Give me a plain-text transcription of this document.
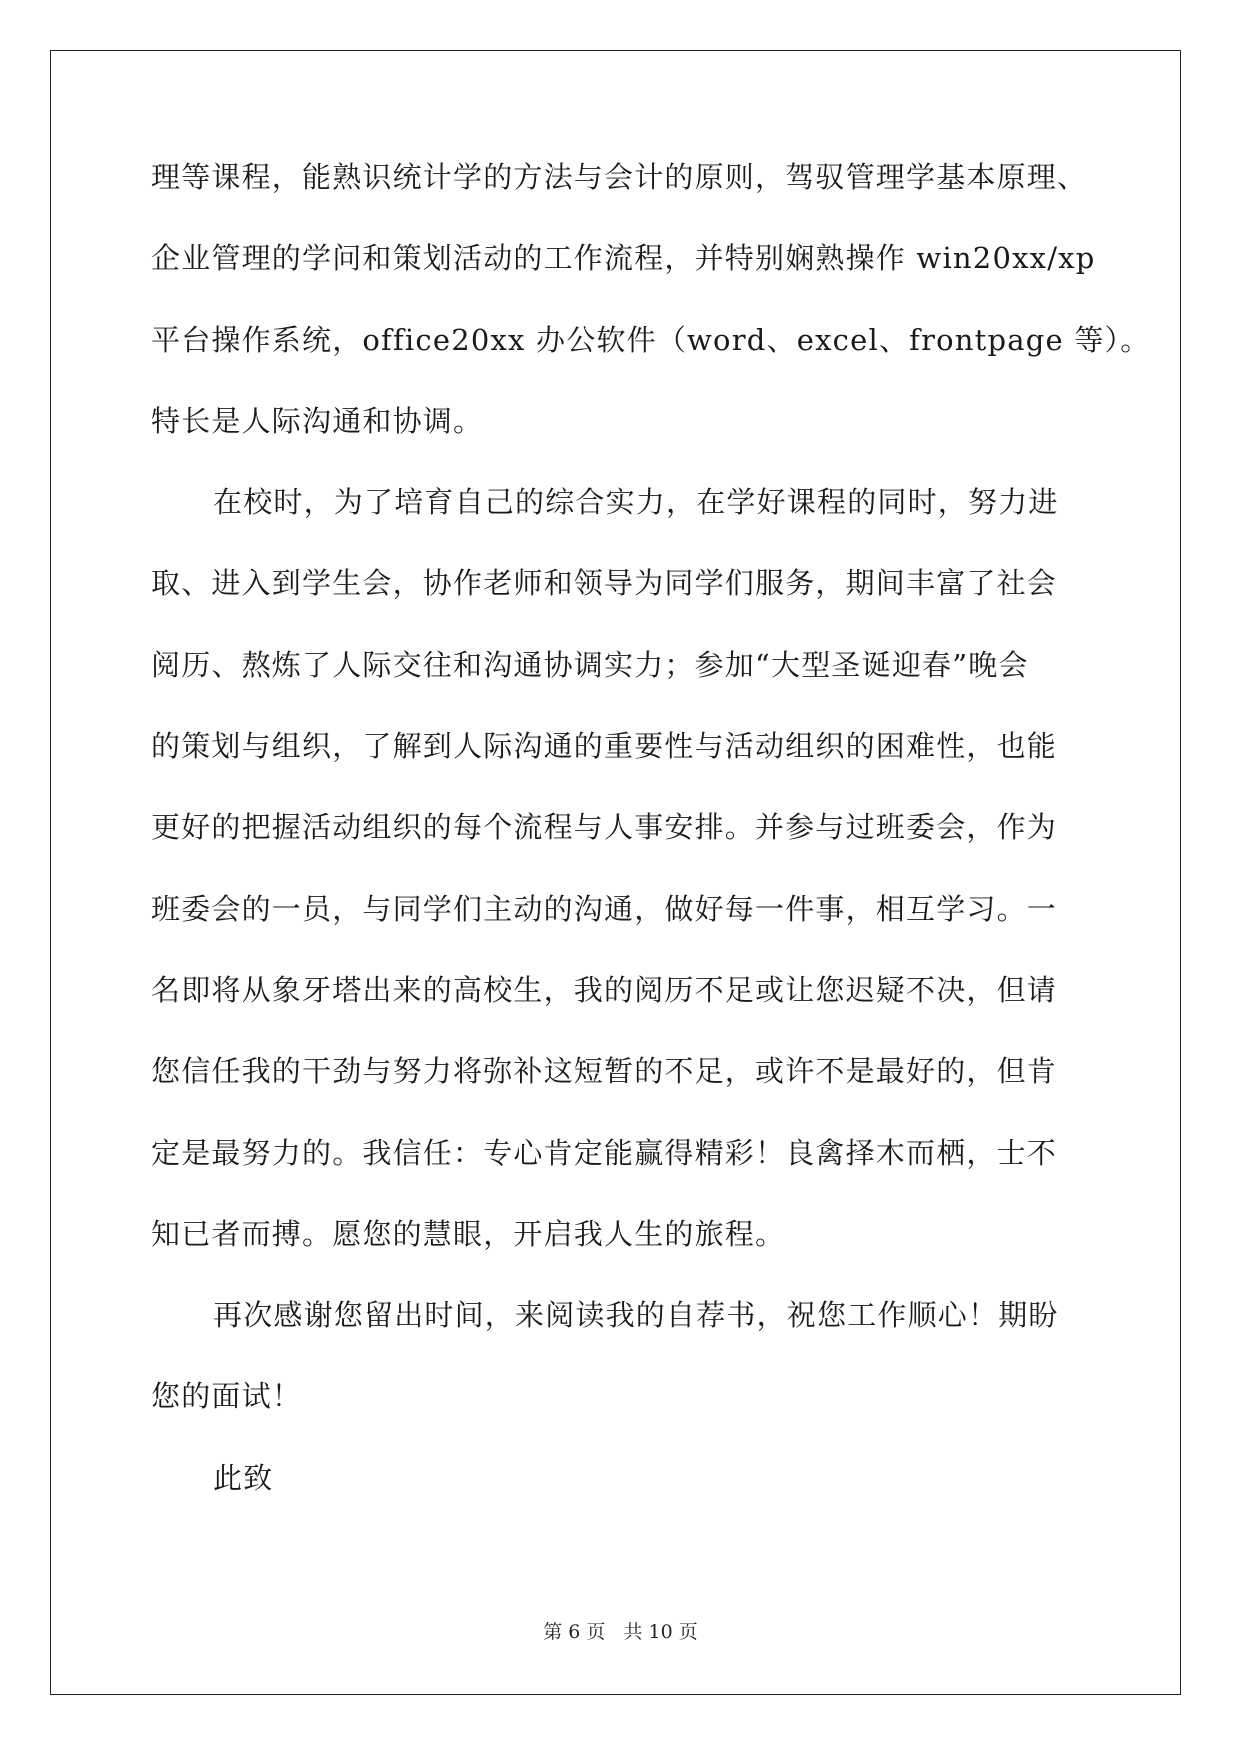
理等课程，能熟识统计学的方法与会计的原则，驾驭管理学基本原理、
企业管理的学问和策划活动的工作流程，并特别娴熟操作 win20xx/xp
平台操作系统，office20xx 办公软件（word、excel、frontpage 等）。
特长是人际沟通和协调。
在校时，为了培育自己的综合实力，在学好课程的同时，努力进
取、进入到学生会，协作老师和领导为同学们服务，期间丰富了社会
阅历、熬炼了人际交往和沟通协调实力；参加“大型圣诞迎春”晚会
的策划与组织，了解到人际沟通的重要性与活动组织的困难性，也能
更好的把握活动组织的每个流程与人事安排。并参与过班委会，作为
班委会的一员，与同学们主动的沟通，做好每一件事，相互学习。一
名即将从象牙塔出来的高校生，我的阅历不足或让您迟疑不决，但请
您信任我的干劲与努力将弥补这短暂的不足，或许不是最好的，但肯
定是最努力的。我信任：专心肯定能赢得精彩！良禽择木而栖，士不
知已者而搏。愿您的慧眼，开启我人生的旅程。
再次感谢您留出时间，来阅读我的自荐书，祝您工作顺心！期盼
您的面试！
此致
第 6 页 共 10 页
